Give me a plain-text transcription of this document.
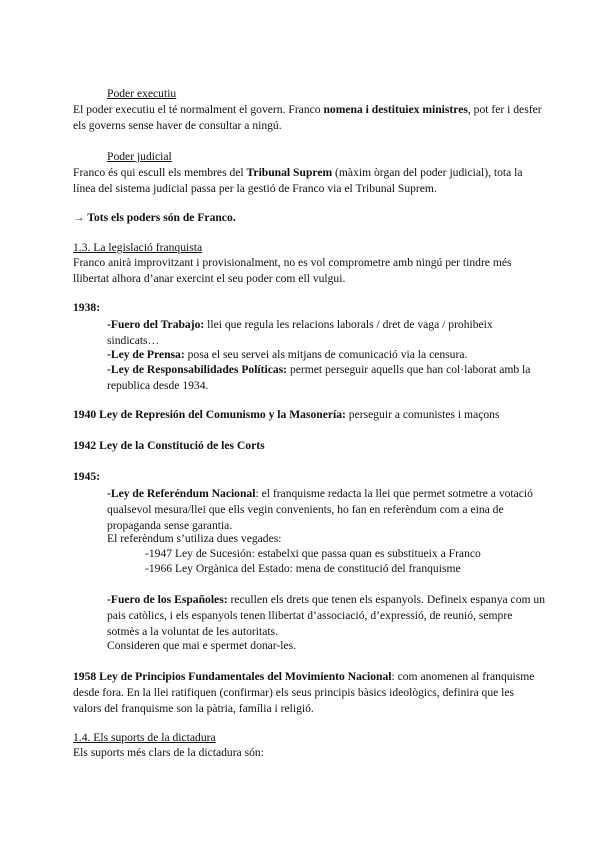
Poder executiu

El poder executiu el té normalment el govern. Franco nomena i destituiex ministres, pot fer i desfer els governs sense haver de consultar a ningú.

Poder judicial

Franco és qui escull els membres del Tribunal Suprem (màxim òrgan del poder judicial), tota la línea del sistema judicial passa per la gestió de Franco via el Tribunal Suprem.

→ Tots els poders són de Franco.

1.3. La legislació franquista

Franco anirà improvitzant i provisionalment, no es vol comprometre amb ningú per tindre més llibertat alhora d’anar exercint el seu poder com ell vulgui.

1938:

-Fuero del Trabajo: llei que regula les relacions laborals / dret de vaga / prohibeix sindicats…

-Ley de Prensa: posa el seu servei als mitjans de comunicació via la censura.

-Ley de Responsabilidades Políticas: permet perseguir aquells que han col·laborat amb la republica desde 1934.

1940 Ley de Represión del Comunismo y la Masonería: perseguir a comunistes i maçons

1942 Ley de la Constitució de les Corts

1945:

-Ley de Referéndum Nacional: el franquisme redacta la llei que permet sotmetre a votació qualsevol mesura/llei que ells vegin convenients, ho fan en referèndum com a eina de propaganda sense garantia.

El referèndum s’utiliza dues vegades:

-1947 Ley de Sucesión: estabelxi que passa quan es substitueix a Franco

-1966 Ley Orgànica del Estado: mena de constitució del franquisme

-Fuero de los Españoles: recullen els drets que tenen els espanyols. Defineix espanya com un pais catòlics, i els espanyols tenen llibertat d’associació, d’expressió, de reunió, sempre sotmès a la voluntat de les autoritats.

Consideren que mai e spermet donar-les.

1958 Ley de Principios Fundamentales del Movimiento Nacional: com anomenen al franquisme desde fora. En la llei ratifiquen (confirmar) els seus principis bàsics ideològics, definira que les valors del franquisme son la pàtria, família i religió.

1.4. Els suports de la dictadura

Els suports més clars de la dictadura són:
